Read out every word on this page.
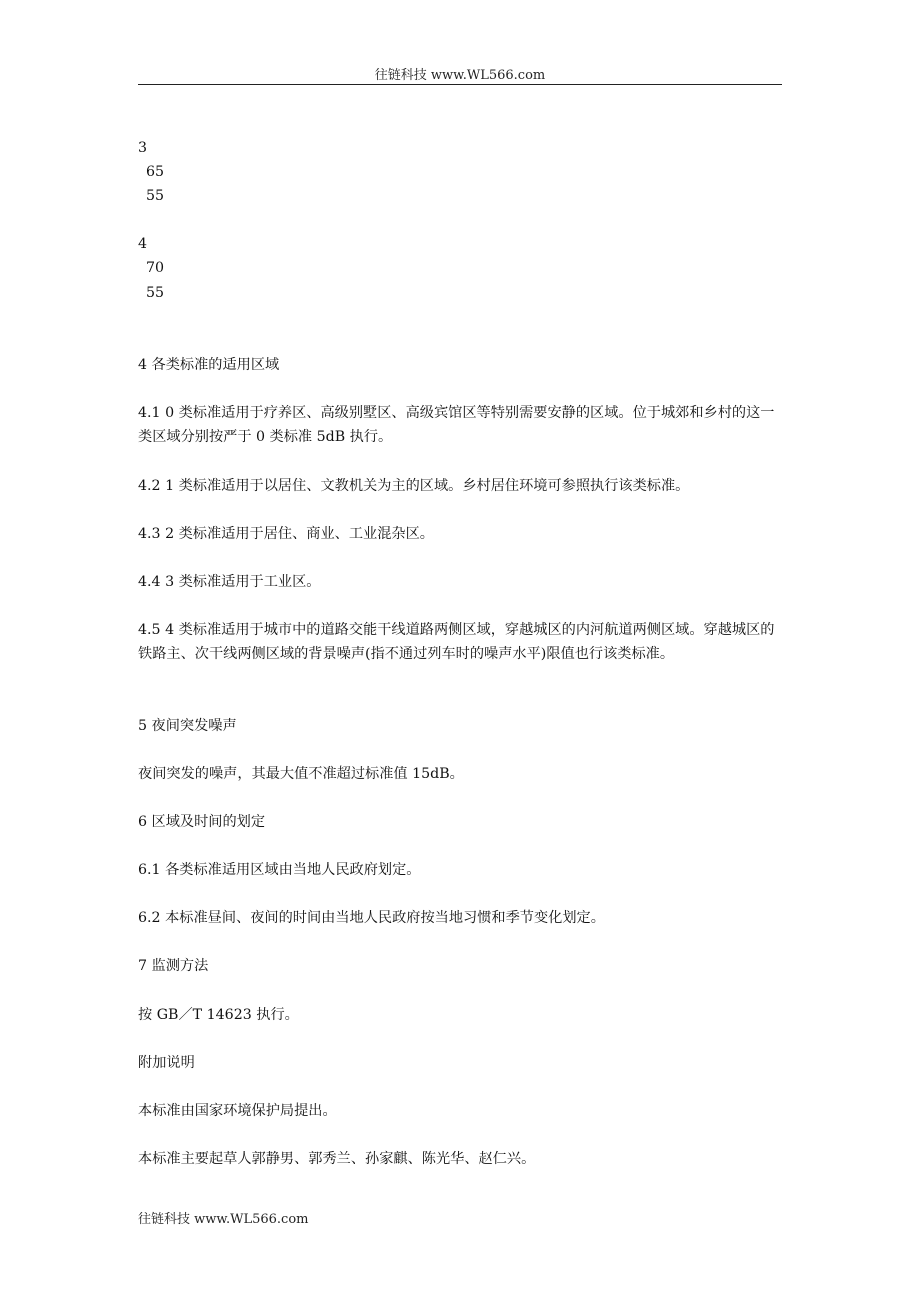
往链科技 www.WL566.com
3
65
55
4
70
55
4 各类标准的适用区域
4.1 0 类标准适用于疗养区、高级别墅区、高级宾馆区等特别需要安静的区域。位于城郊和乡村的这一类区域分别按严于 0 类标准 5dB 执行。
4.2 1 类标准适用于以居住、文教机关为主的区域。乡村居住环境可参照执行该类标准。
4.3 2 类标准适用于居住、商业、工业混杂区。
4.4 3 类标准适用于工业区。
4.5 4 类标准适用于城市中的道路交能干线道路两侧区域，穿越城区的内河航道两侧区域。穿越城区的铁路主、次干线两侧区域的背景噪声(指不通过列车时的噪声水平)限值也行该类标准。
5 夜间突发噪声
夜间突发的噪声，其最大值不准超过标准值 15dB。
6 区域及时间的划定
6.1 各类标准适用区域由当地人民政府划定。
6.2 本标准昼间、夜间的时间由当地人民政府按当地习惯和季节变化划定。
7 监测方法
按 GB／T 14623 执行。
附加说明
本标准由国家环境保护局提出。
本标准主要起草人郭静男、郭秀兰、孙家麒、陈光华、赵仁兴。
往链科技 www.WL566.com
